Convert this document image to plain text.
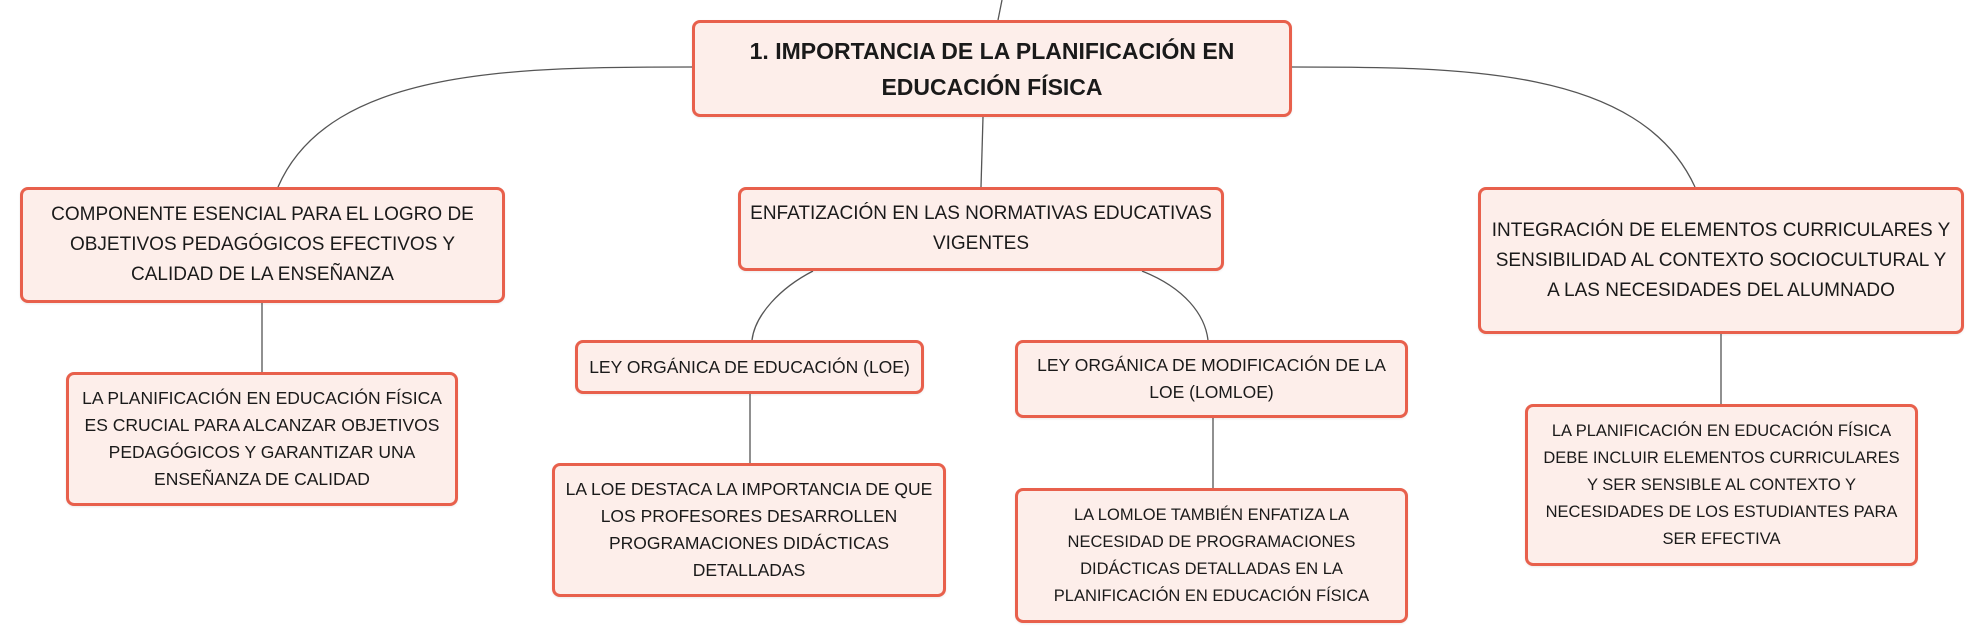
1. IMPORTANCIA DE LA PLANIFICACIÓN EN EDUCACIÓN FÍSICA
COMPONENTE ESENCIAL PARA EL LOGRO DE OBJETIVOS PEDAGÓGICOS EFECTIVOS Y CALIDAD DE LA ENSEÑANZA
ENFATIZACIÓN EN LAS NORMATIVAS EDUCATIVAS VIGENTES
INTEGRACIÓN DE ELEMENTOS CURRICULARES Y SENSIBILIDAD AL CONTEXTO SOCIOCULTURAL Y A LAS NECESIDADES DEL ALUMNADO
LA PLANIFICACIÓN EN EDUCACIÓN FÍSICA ES CRUCIAL PARA ALCANZAR OBJETIVOS PEDAGÓGICOS Y GARANTIZAR UNA ENSEÑANZA DE CALIDAD
LEY ORGÁNICA DE EDUCACIÓN (LOE)	LEY ORGÁNICA DE MODIFICACIÓN DE LA LOE (LOMLOE)
LA LOE DESTACA LA IMPORTANCIA DE QUE LOS PROFESORES DESARROLLEN PROGRAMACIONES DIDÁCTICAS DETALLADAS
LA LOMLOE TAMBIÉN ENFATIZA LA NECESIDAD DE PROGRAMACIONES DIDÁCTICAS DETALLADAS EN LA PLANIFICACIÓN EN EDUCACIÓN FÍSICA
LA PLANIFICACIÓN EN EDUCACIÓN FÍSICA DEBE INCLUIR ELEMENTOS CURRICULARES Y SER SENSIBLE AL CONTEXTO Y NECESIDADES DE LOS ESTUDIANTES PARA SER EFECTIVA
